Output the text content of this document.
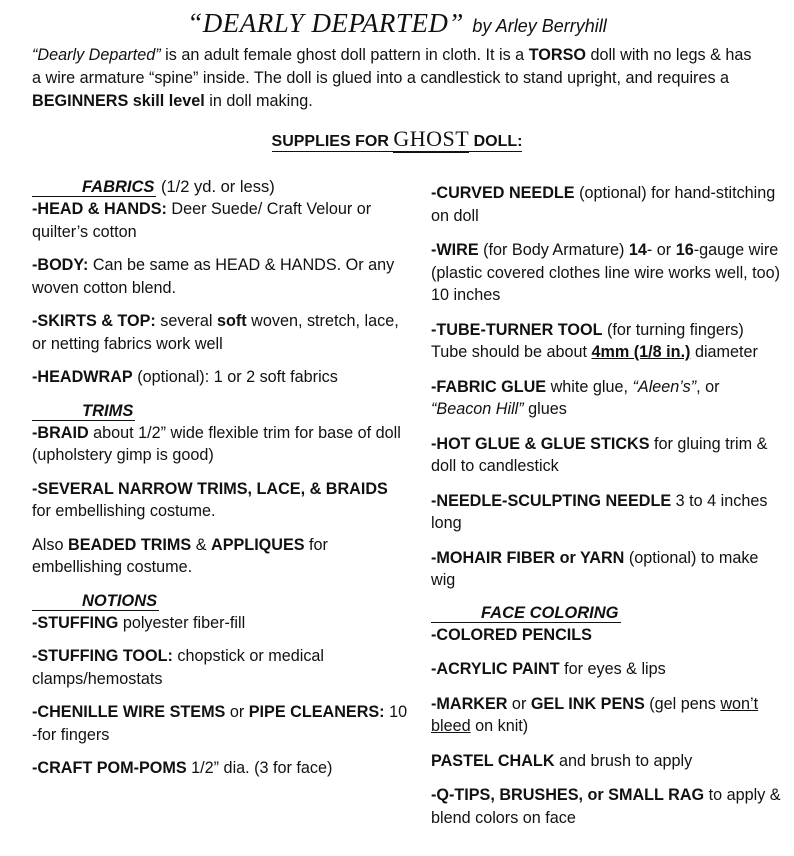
“DEARLY DEPARTED” by Arley Berryhill
“Dearly Departed” is an adult female ghost doll pattern in cloth. It is a TORSO doll with no legs & has a wire armature “spine” inside. The doll is glued into a candlestick to stand upright, and requires a BEGINNERS skill level in doll making.
SUPPLIES FOR GHOST DOLL:
FABRICS (1/2 yd. or less)
-HEAD & HANDS: Deer Suede/ Craft Velour or quilter’s cotton
-BODY: Can be same as HEAD & HANDS. Or any woven cotton blend.
-SKIRTS & TOP: several soft woven, stretch, lace, or netting fabrics work well
-HEADWRAP (optional): 1 or 2 soft fabrics
TRIMS
-BRAID about 1/2” wide flexible trim for base of doll (upholstery gimp is good)
-SEVERAL NARROW TRIMS, LACE, & BRAIDS for embellishing costume.
Also BEADED TRIMS & APPLIQUES for embellishing costume.
NOTIONS
-STUFFING polyester fiber-fill
-STUFFING TOOL: chopstick or medical clamps/hemostats
-CHENILLE WIRE STEMS or PIPE CLEANERS: 10 -for fingers
-CRAFT POM-POMS 1/2” dia. (3 for face)
-CURVED NEEDLE (optional) for hand-stitching on doll
-WIRE (for Body Armature) 14- or 16-gauge wire (plastic covered clothes line wire works well, too) 10 inches
-TUBE-TURNER TOOL (for turning fingers) Tube should be about 4mm (1/8 in.) diameter
-FABRIC GLUE white glue, “Aleen’s”, or “Beacon Hill” glues
-HOT GLUE & GLUE STICKS for gluing trim & doll to candlestick
-NEEDLE-SCULPTING NEEDLE 3 to 4 inches long
-MOHAIR FIBER or YARN (optional) to make wig
FACE COLORING
-COLORED PENCILS
-ACRYLIC PAINT for eyes & lips
-MARKER or GEL INK PENS (gel pens won’t bleed on knit)
PASTEL CHALK and brush to apply
-Q-TIPS, BRUSHES, or SMALL RAG to apply & blend colors on face
